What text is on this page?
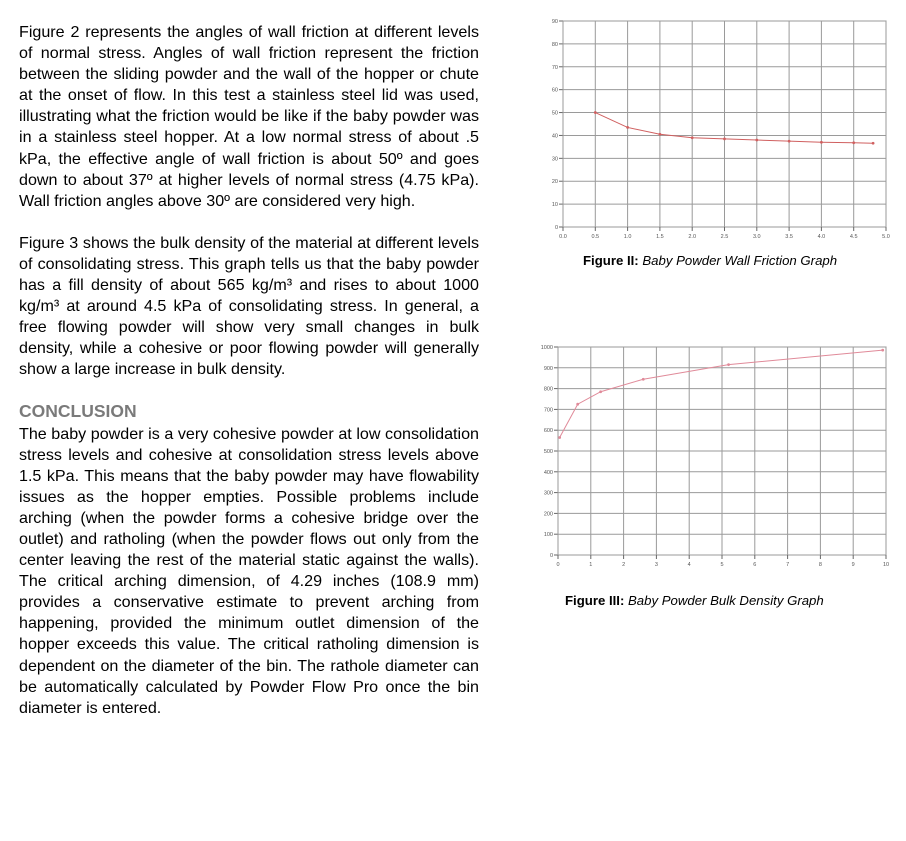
Figure 2 represents the angles of wall friction at different levels of normal stress. Angles of wall friction represent the friction between the sliding powder and the wall of the hopper or chute at the onset of flow. In this test a stainless steel lid was used, illustrating what the friction would be like if the baby powder was in a stainless steel hopper. At a low normal stress of about .5 kPa, the effective angle of wall friction is about 50º and goes down to about 37º at higher levels of normal stress (4.75 kPa). Wall friction angles above 30º are considered very high.

Figure 3 shows the bulk density of the material at different levels of consolidating stress. This graph tells us that the baby powder has a fill density of about 565 kg/m³ and rises to about 1000 kg/m³ at around 4.5 kPa of consolidating stress. In general, a free flowing powder will show very small changes in bulk density, while a cohesive or poor flowing powder will generally show a large increase in bulk density.

CONCLUSION

The baby powder is a very cohesive powder at low consolidation stress levels and cohesive at consolidation stress levels above 1.5 kPa. This means that the baby powder may have flowability issues as the hopper empties. Possible problems include arching (when the powder forms a cohesive bridge over the outlet) and ratholing (when the powder flows out only from the center leaving the rest of the material static against the walls). The critical arching dimension, of 4.29 inches (108.9 mm) provides a conservative estimate to prevent arching from happening, provided the minimum outlet dimension of the hopper exceeds this value. The critical ratholing dimension is dependent on the diameter of the bin. The rathole diameter can be automatically calculated by Powder Flow Pro once the bin diameter is entered.

0
10
20
30
40
50
60
70
80
90
0.0	0.5	1.0	1.5	2.0	2.5	3.0	3.5	4.0	4.5	5.0
Figure II: Baby Powder Wall Friction Graph
0
100
200
300
400
500
600
700
800
900
1000
0	1	2	3	4	5	6	7	8	9	10
Figure III: Baby Powder Bulk Density Graph
